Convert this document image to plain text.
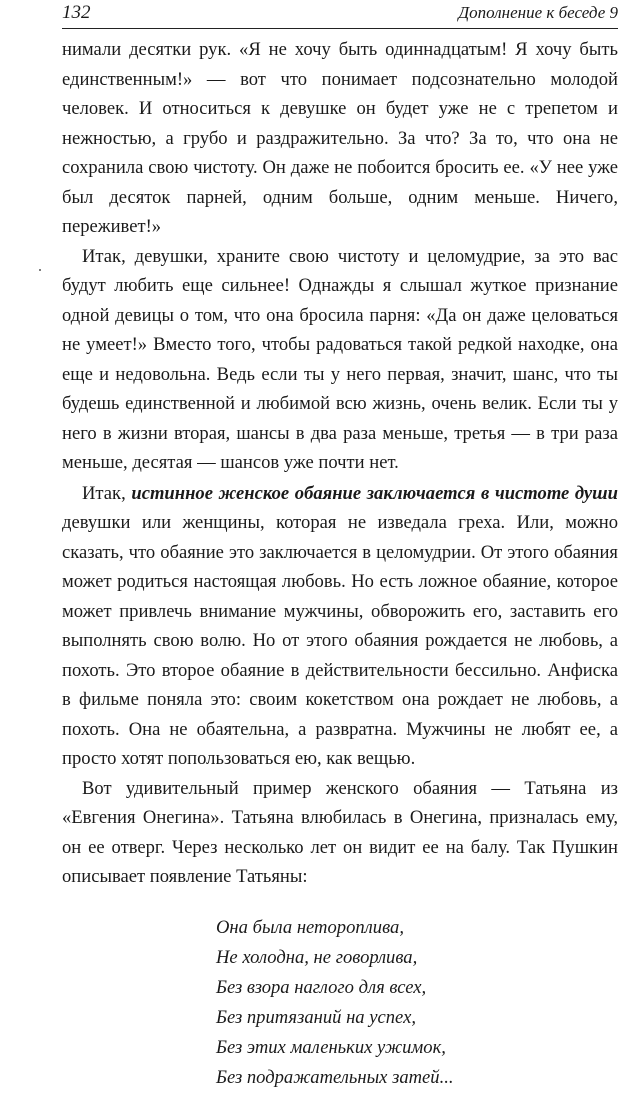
132	Дополнение к беседе 9

нимали десятки рук. «Я не хочу быть одиннадцатым! Я хочу быть единственным!» — вот что понимает подсознательно молодой человек. И относиться к девушке он будет уже не с трепетом и нежностью, а грубо и раздражительно. За что? За то, что она не сохранила свою чистоту. Он даже не побоится бросить ее. «У нее уже был десяток парней, одним больше, одним меньше. Ничего, переживет!»

Итак, девушки, храните свою чистоту и целомудрие, за это вас будут любить еще сильнее! Однажды я слышал жуткое признание одной девицы о том, что она бросила парня: «Да он даже целоваться не умеет!» Вместо того, чтобы радоваться такой редкой находке, она еще и недовольна. Ведь если ты у него первая, значит, шанс, что ты будешь единственной и любимой всю жизнь, очень велик. Если ты у него в жизни вторая, шансы в два раза меньше, третья — в три раза меньше, десятая — шансов уже почти нет.

Итак, истинное женское обаяние заключается в чистоте души девушки или женщины, которая не изведала греха. Или, можно сказать, что обаяние это заключается в целомудрии. От этого обаяния может родиться настоящая любовь. Но есть ложное обаяние, которое может привлечь внимание мужчины, обворожить его, заставить его выполнять свою волю. Но от этого обаяния рождается не любовь, а похоть. Это второе обаяние в действительности бессильно. Анфиска в фильме поняла это: своим кокетством она рождает не любовь, а похоть. Она не обаятельна, а развратна. Мужчины не любят ее, а просто хотят попользоваться ею, как вещью.

Вот удивительный пример женского обаяния — Татьяна из «Евгения Онегина». Татьяна влюбилась в Онегина, призналась ему, он ее отверг. Через несколько лет он видит ее на балу. Так Пушкин описывает появление Татьяны:

Она была нетороплива,
Не холодна, не говорлива,
Без взора наглого для всех,
Без притязаний на успех,
Без этих маленьких ужимок,
Без подражательных затей...
